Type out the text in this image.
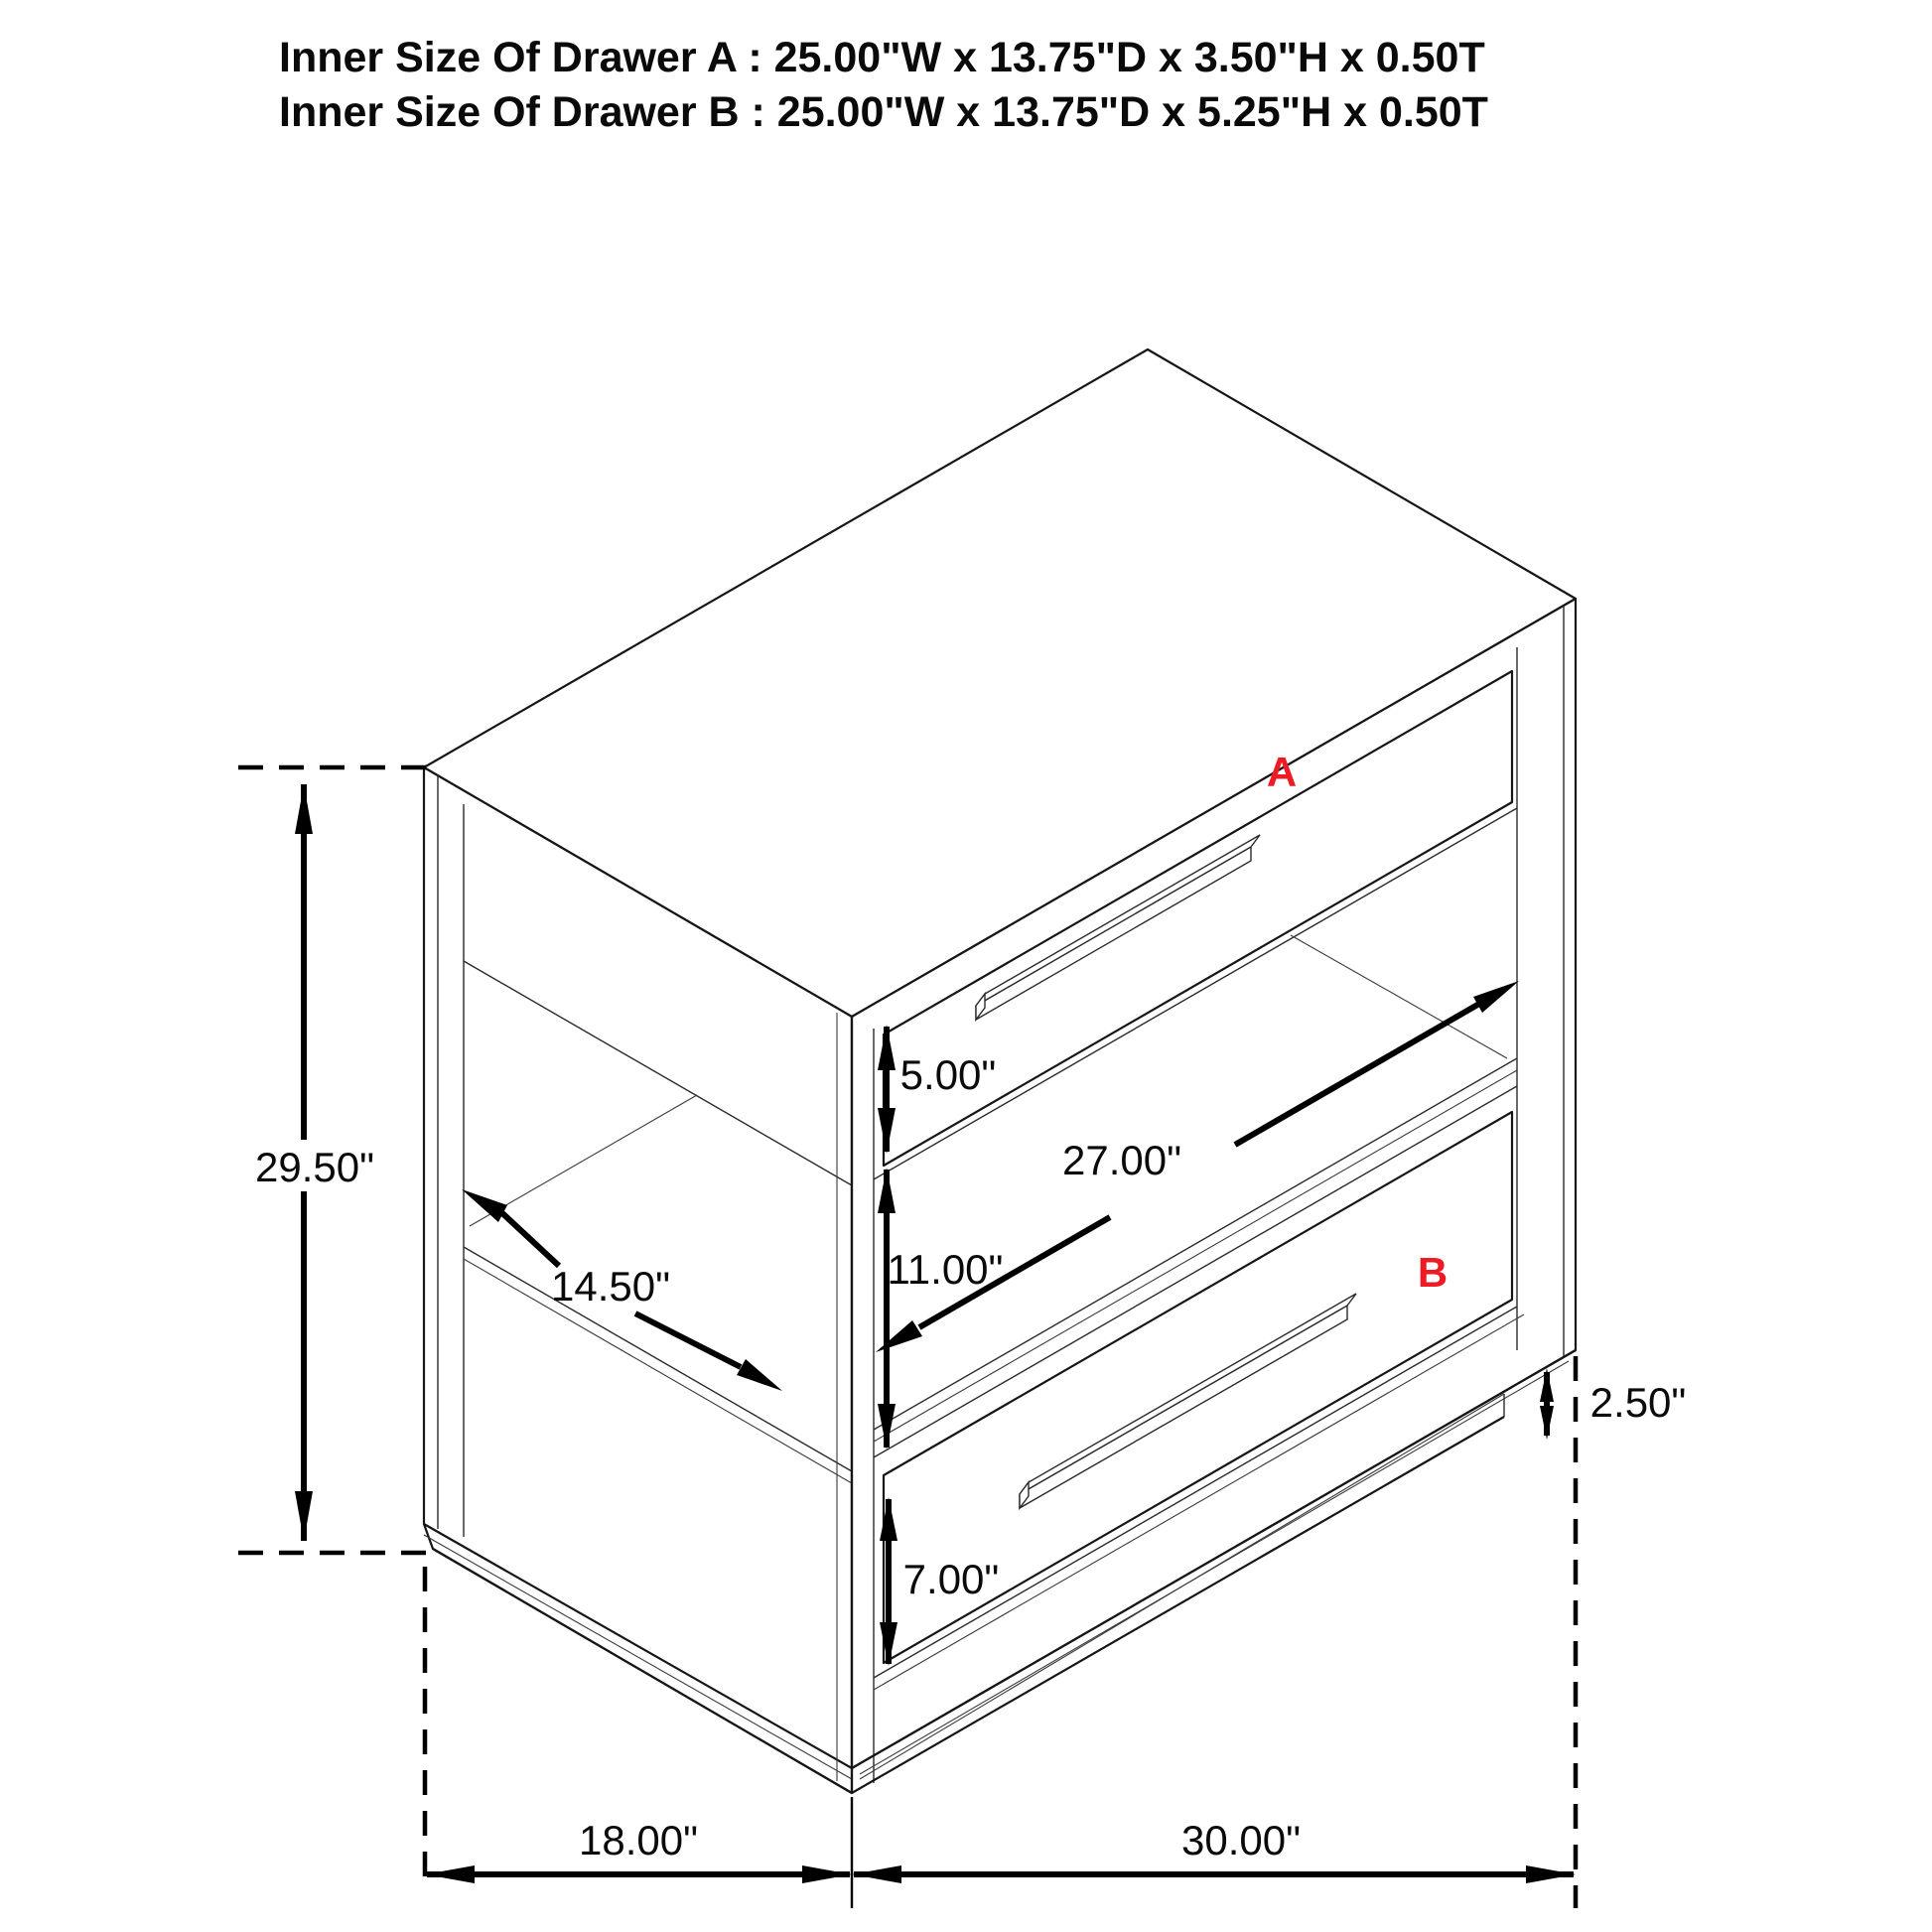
Inner Size Of Drawer A : 25.00"W x 13.75"D x 3.50"H x 0.50T
Inner Size Of Drawer B : 25.00"W x 13.75"D x 5.25"H x 0.50T
29.50"
14.50"
5.00"
27.00"
11.00"
7.00"
2.50"
18.00"	30.00"
A
B
